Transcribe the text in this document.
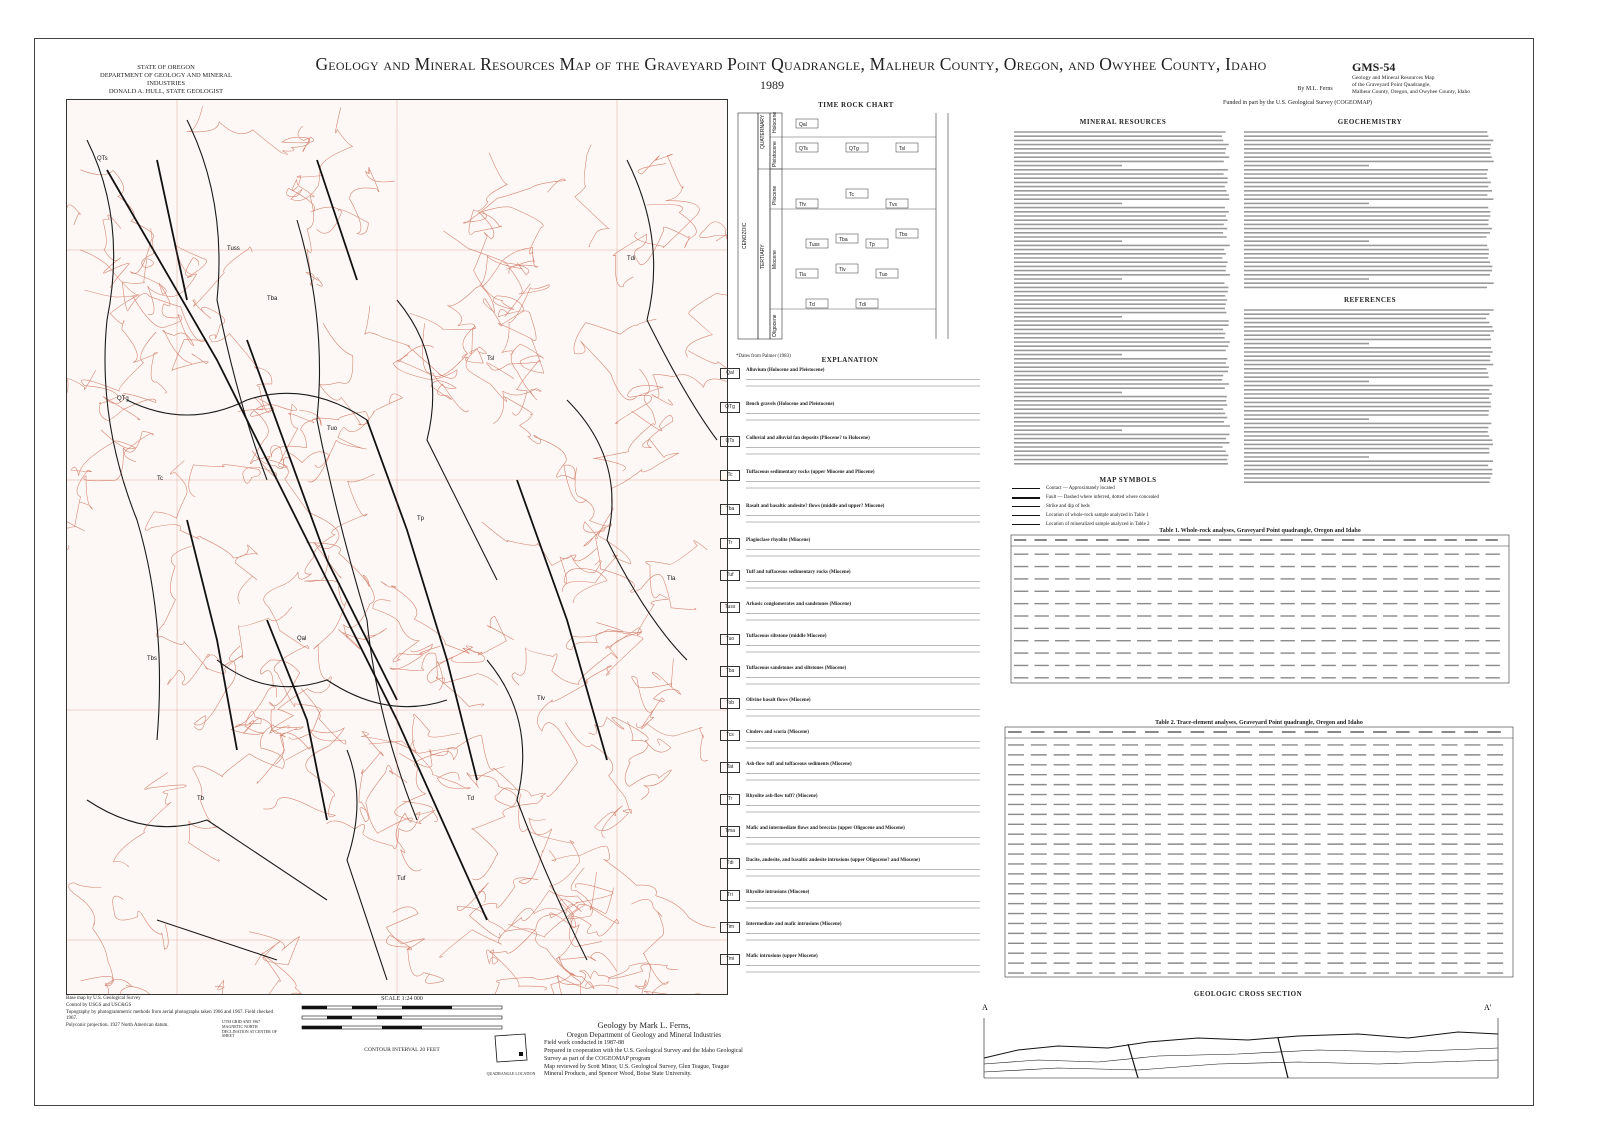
STATE OF OREGON
DEPARTMENT OF GEOLOGY AND MINERAL INDUSTRIES
DONALD A. HULL, STATE GEOLOGIST
Geology and Mineral Resources Map of the Graveyard Point Quadrangle, Malheur County, Oregon, and Owyhee County, Idaho
1989
GMS-54
Geology and Mineral Resources Map
of the Graveyard Point Quadrangle,
Malheur County, Oregon, and Owyhee County, Idaho
By M.L. Ferns
Funded in part by the U.S. Geological Survey (COGEOMAP)
QTs
Tba
Tuss
Tc
QTg
Tuo
Tsl
Tp
Tb
Qal
Tlv
Tdi
Tuf
Tbs
Tla
Td
TIME ROCK CHART
Qal
QTs	QTg	Tsl
Tc
Tfv	Tvs
Tuss
Tba
Tp
Tbs
Tla
Tlv
Tuo
Td	Tdi
CENOZOIC
QUATERNARY
TERTIARY
Holocene
Pleistocene
Pliocene
Miocene
Oligocene
*Dates from Palmer (1983)	EXPLANATION
Qal	Alluvium (Holocene and Pleistocene)
QTg	Bench gravels (Holocene and Pleistocene)
QTs	Colluvial and alluvial fan deposits (Pliocene? to Holocene)
Tc	Tuffaceous sedimentary rocks (upper Miocene and Pliocene)
Tba	Basalt and basaltic andesite? flows (middle and upper? Miocene)
Tr	Plagioclase rhyolite (Miocene)
Tuf	Tuff and tuffaceous sedimentary rocks (Miocene)
Tuss	Arkosic conglomerates and sandstones (Miocene)
Tuo	Tuffaceous siltstone (middle Miocene)
Tba	Tuffaceous sandstones and siltstones (Miocene)
Tob	Olivine basalt flows (Miocene)
Tcs	Cinders and scoria (Miocene)
Tat	Ash-flow tuff and tuffaceous sediments (Miocene)
Tr	Rhyolite ash-flow tuff? (Miocene)
Tma	Mafic and intermediate flows and breccias (upper Oligocene and Miocene)
Tdi	Dacite, andesite, and basaltic andesite intrusions (upper Oligocene? and Miocene)
Tri	Rhyolite intrusions (Miocene)
Tim	Intermediate and mafic intrusions (Miocene)
Tmi	Mafic intrusions (upper Miocene)
MINERAL RESOURCES	GEOCHEMISTRY
REFERENCES
MAP SYMBOLS
Contact — Approximately located
Fault — Dashed where inferred, dotted where concealed
Strike and dip of beds
Location of whole-rock sample analyzed in Table 1
Location of mineralized sample analyzed in Table 2
Table 1. Whole-rock analyses, Graveyard Point quadrangle, Oregon and Idaho
Table 2. Trace-element analyses, Graveyard Point quadrangle, Oregon and Idaho
GEOLOGIC CROSS SECTION
A	A'
Base map by U.S. Geological Survey
Control by USGS and USC&GS
Topography by photogrammetric methods from aerial photographs taken 1966 and 1967. Field checked 1967.
Polyconic projection. 1927 North American datum.
SCALE 1:24 000
CONTOUR INTERVAL 20 FEET
UTM GRID AND 1967 MAGNETIC NORTH DECLINATION AT CENTER OF SHEET
Geology by Mark L. Ferns,
Oregon Department of Geology and Mineral Industries
Field work conducted in 1987-88
Prepared in cooperation with the U.S. Geological Survey and the Idaho Geological Survey as part of the COGEOMAP program
Map reviewed by Scott Minor, U.S. Geological Survey, Glen Teague, Teague Mineral Products, and Spencer Wood, Boise State University.
QUADRANGLE LOCATION
